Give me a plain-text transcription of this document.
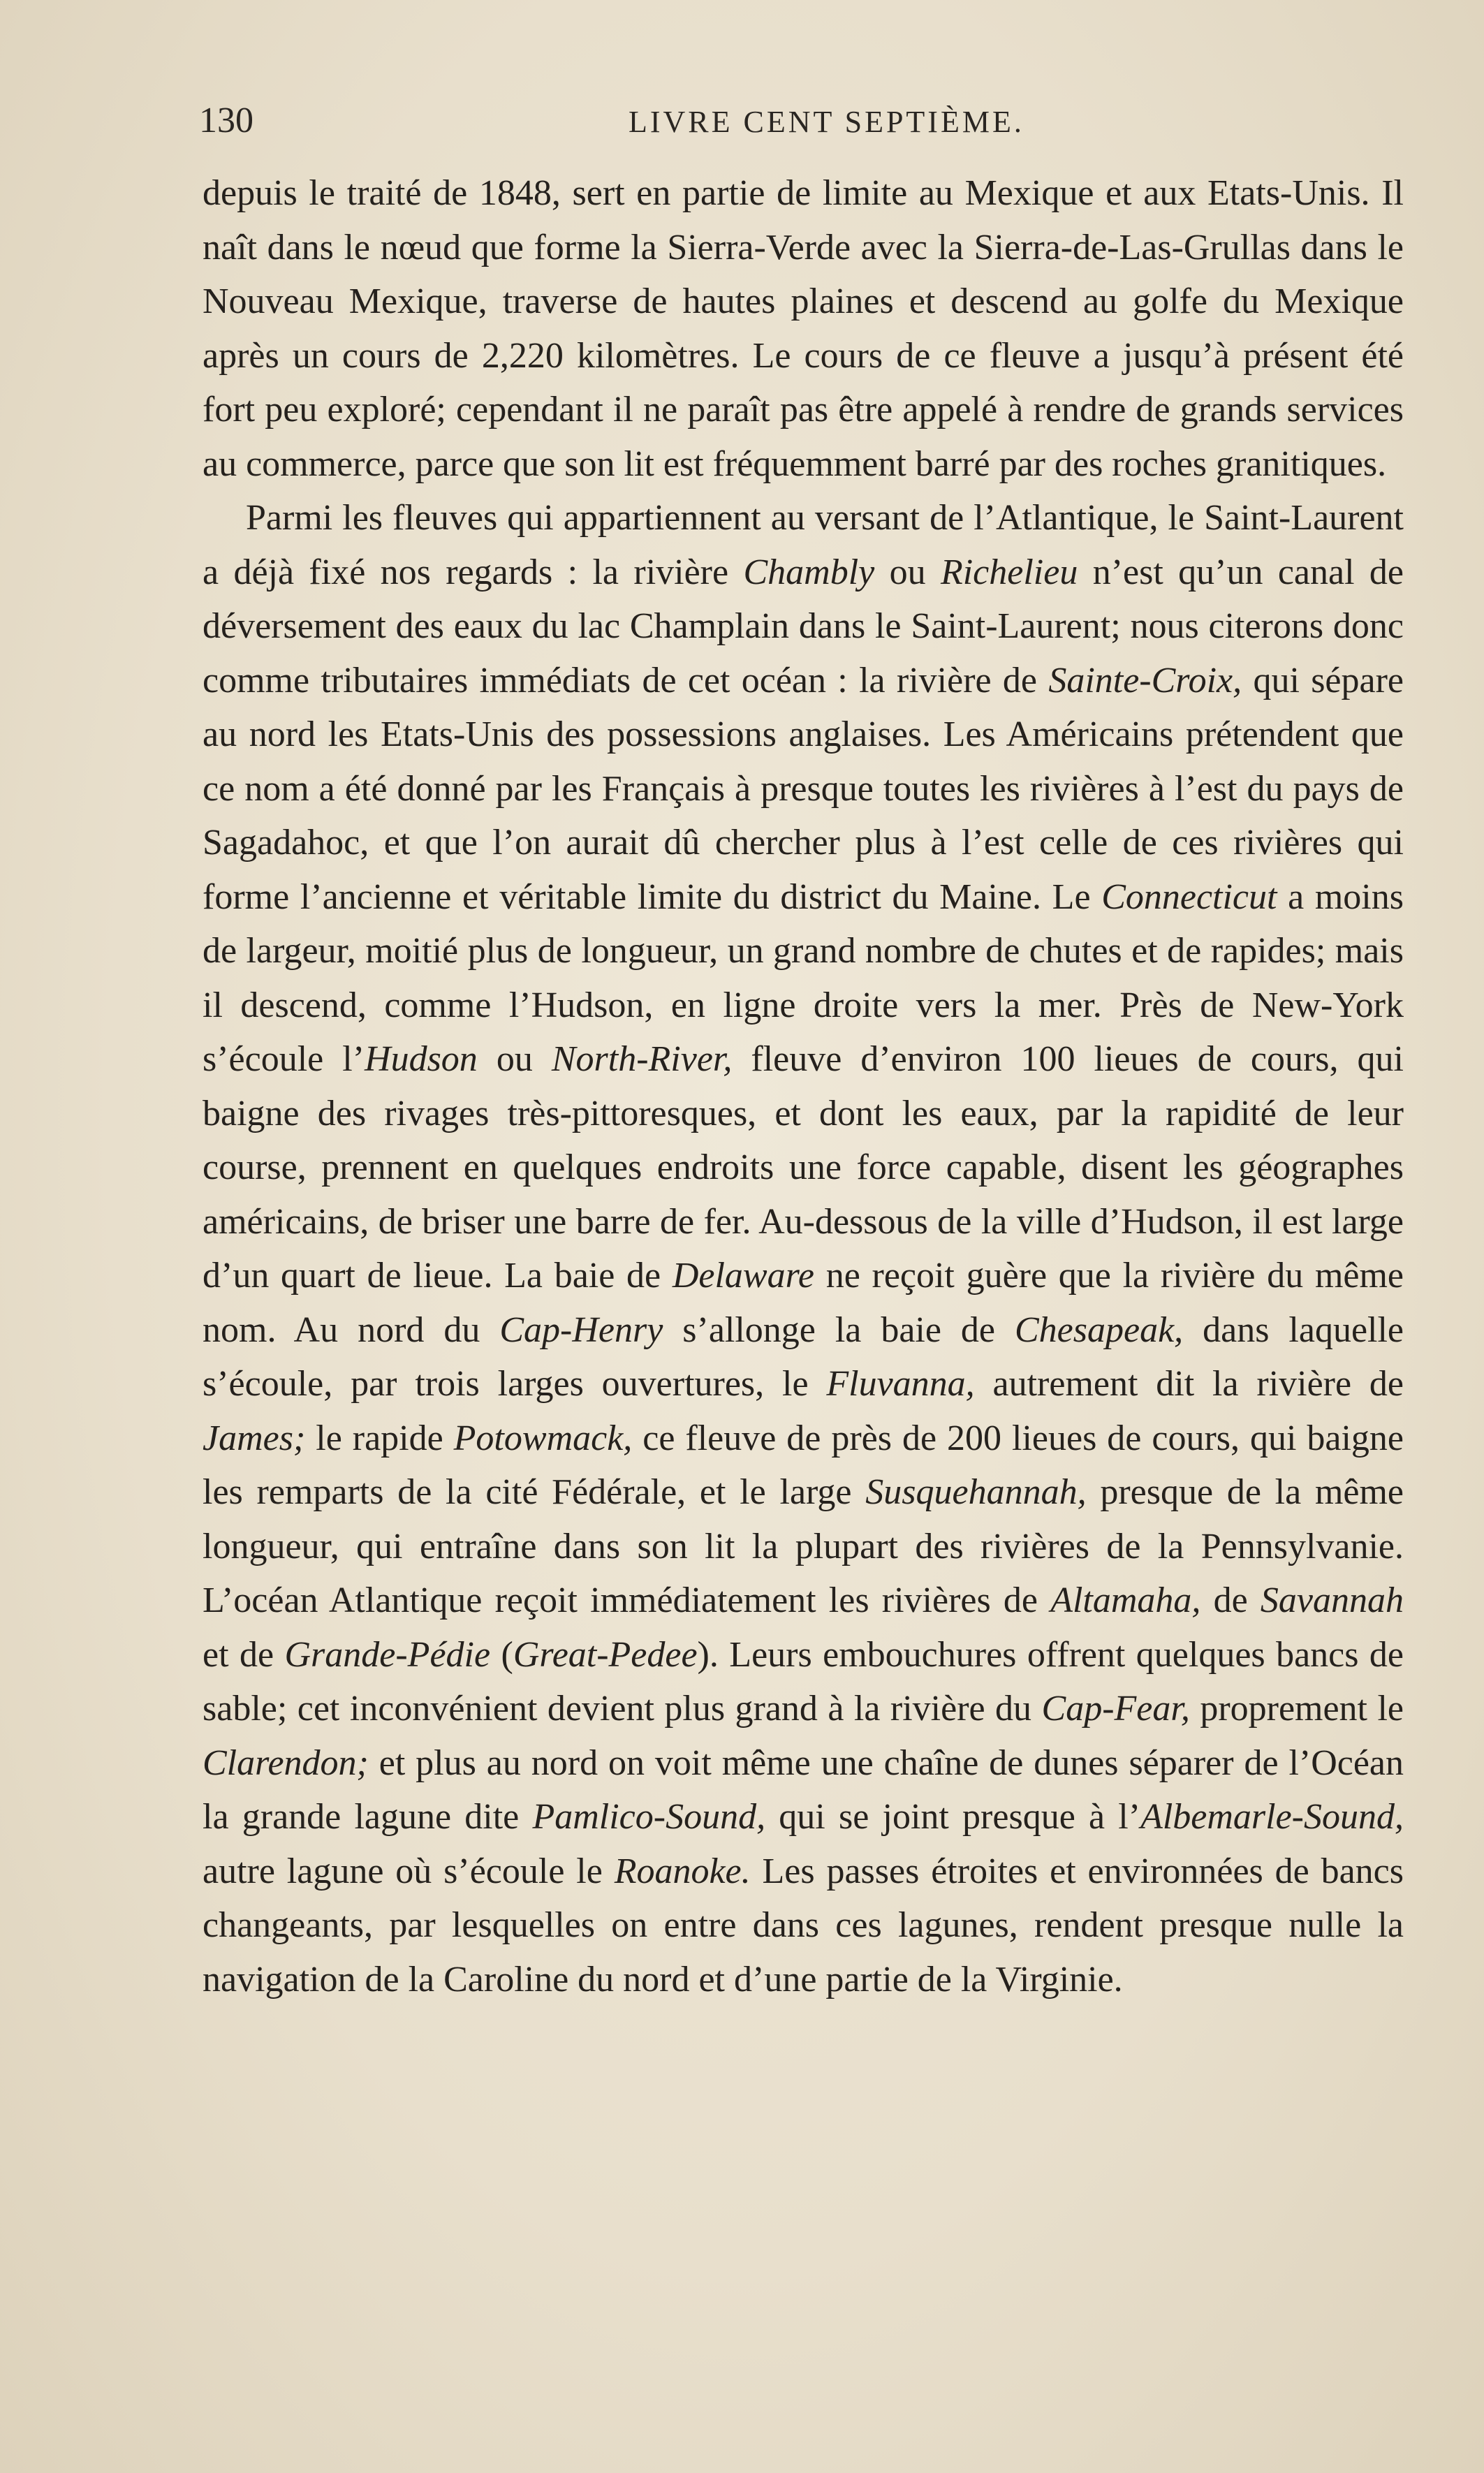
130	LIVRE CENT SEPTIÈME.

depuis le traité de 1848, sert en partie de limite au Mexique et aux Etats-Unis. Il naît dans le nœud que forme la Sierra-Verde avec la Sierra-de-Las-Grullas dans le Nouveau Mexique, traverse de hautes plaines et descend au golfe du Mexique après un cours de 2,220 kilomètres. Le cours de ce fleuve a jusqu’à présent été fort peu exploré; cependant il ne paraît pas être appelé à rendre de grands services au commerce, parce que son lit est fréquemment barré par des roches granitiques.

Parmi les fleuves qui appartiennent au versant de l’Atlantique, le Saint-Laurent a déjà fixé nos regards : la rivière Chambly ou Richelieu n’est qu’un canal de déversement des eaux du lac Champlain dans le Saint-Laurent; nous citerons donc comme tributaires immédiats de cet océan : la rivière de Sainte-Croix, qui sépare au nord les Etats-Unis des possessions anglaises. Les Américains prétendent que ce nom a été donné par les Français à presque toutes les rivières à l’est du pays de Sagadahoc, et que l’on aurait dû chercher plus à l’est celle de ces rivières qui forme l’ancienne et véritable limite du district du Maine. Le Connecticut a moins de largeur, moitié plus de longueur, un grand nombre de chutes et de rapides; mais il descend, comme l’Hudson, en ligne droite vers la mer. Près de New-York s’écoule l’Hudson ou North-River, fleuve d’environ 100 lieues de cours, qui baigne des rivages très-pittoresques, et dont les eaux, par la rapidité de leur course, prennent en quelques endroits une force capable, disent les géographes américains, de briser une barre de fer. Au-dessous de la ville d’Hudson, il est large d’un quart de lieue. La baie de Delaware ne reçoit guère que la rivière du même nom. Au nord du Cap-Henry s’allonge la baie de Chesapeak, dans laquelle s’écoule, par trois larges ouvertures, le Fluvanna, autrement dit la rivière de James; le rapide Potowmack, ce fleuve de près de 200 lieues de cours, qui baigne les remparts de la cité Fédérale, et le large Susquehannah, presque de la même longueur, qui entraîne dans son lit la plupart des rivières de la Pennsylvanie. L’océan Atlantique reçoit immédiatement les rivières de Altamaha, de Savannah et de Grande-Pédie (Great-Pedee). Leurs embouchures offrent quelques bancs de sable; cet inconvénient devient plus grand à la rivière du Cap-Fear, proprement le Clarendon; et plus au nord on voit même une chaîne de dunes séparer de l’Océan la grande lagune dite Pamlico-Sound, qui se joint presque à l’Albemarle-Sound, autre lagune où s’écoule le Roanoke. Les passes étroites et environnées de bancs changeants, par lesquelles on entre dans ces lagunes, rendent presque nulle la navigation de la Caroline du nord et d’une partie de la Virginie.
